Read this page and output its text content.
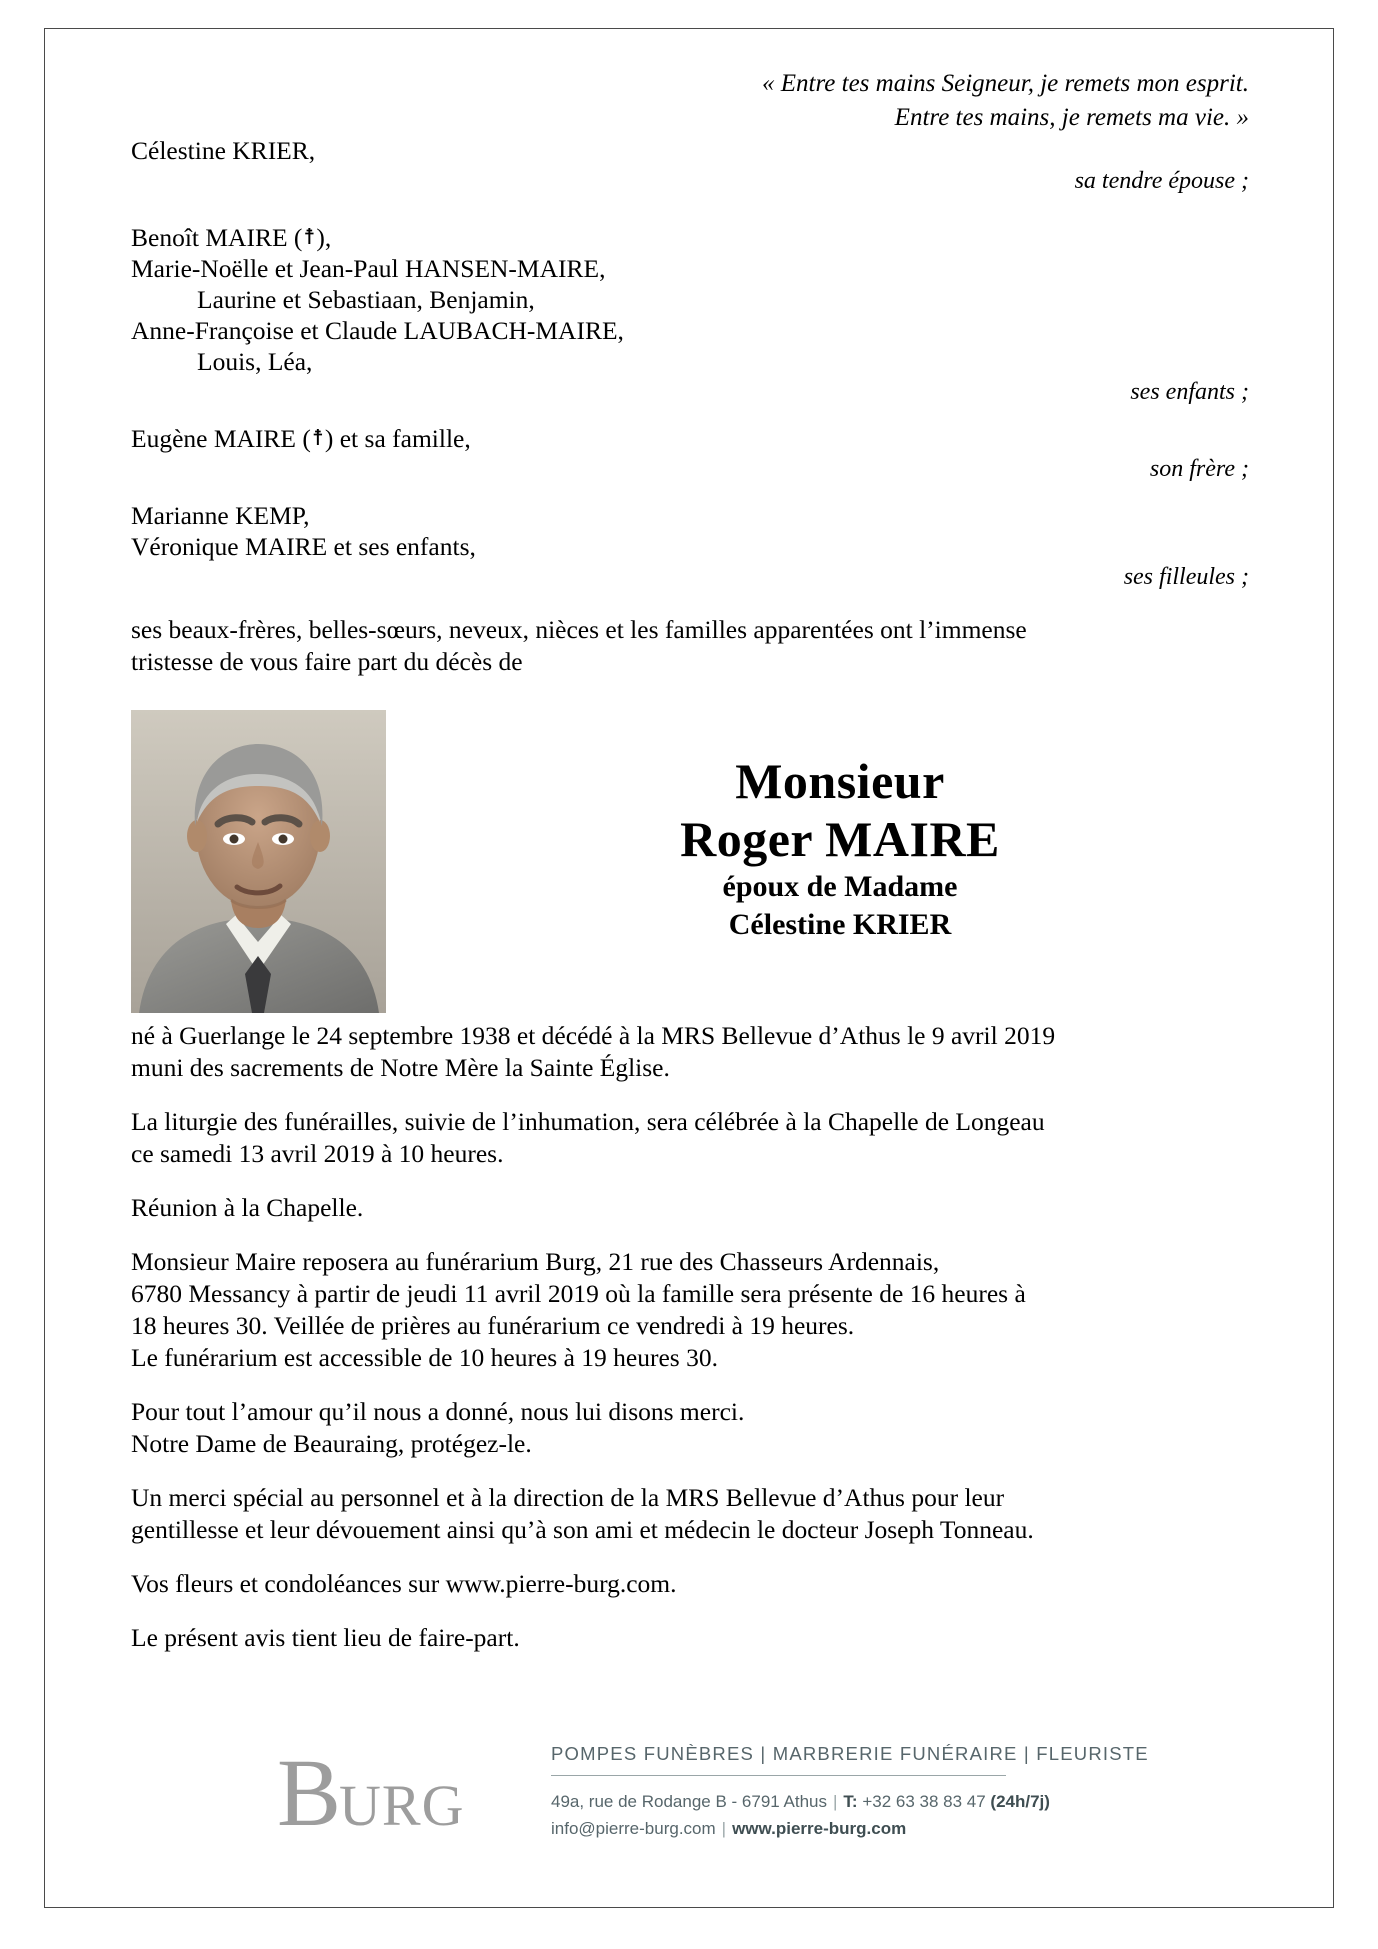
« Entre tes mains Seigneur, je remets mon esprit.
Entre tes mains, je remets ma vie. »
Célestine KRIER,
sa tendre épouse ;
Benoît MAIRE (☨),
Marie-Noëlle et Jean-Paul HANSEN-MAIRE,
Laurine et Sebastiaan, Benjamin,
Anne-Françoise et Claude LAUBACH-MAIRE,
Louis, Léa,
ses enfants ;
Eugène MAIRE (☨) et sa famille,
son frère ;
Marianne KEMP,
Véronique MAIRE et ses enfants,
ses filleules ;
ses beaux-frères, belles-sœurs, neveux, nièces et les familles apparentées ont l’immense
tristesse de vous faire part du décès de
Monsieur
Roger MAIRE
époux de Madame
Célestine KRIER

né à Guerlange le 24 septembre 1938 et décédé à la MRS Bellevue d’Athus le 9 avril 2019
muni des sacrements de Notre Mère la Sainte Église.

La liturgie des funérailles, suivie de l’inhumation, sera célébrée à la Chapelle de Longeau
ce samedi 13 avril 2019 à 10 heures.

Réunion à la Chapelle.

Monsieur Maire reposera au funérarium Burg, 21 rue des Chasseurs Ardennais,
6780 Messancy à partir de jeudi 11 avril 2019 où la famille sera présente de 16 heures à
18 heures 30. Veillée de prières au funérarium ce vendredi à 19 heures.
Le funérarium est accessible de 10 heures à 19 heures 30.

Pour tout l’amour qu’il nous a donné, nous lui disons merci.
Notre Dame de Beauraing, protégez-le.

Un merci spécial au personnel et à la direction de la MRS Bellevue d’Athus pour leur
gentillesse et leur dévouement ainsi qu’à son ami et médecin le docteur Joseph Tonneau.

Vos fleurs et condoléances sur www.pierre-burg.com.

Le présent avis tient lieu de faire-part.

BURG
POMPES FUNÈBRES | MARBRERIE FUNÉRAIRE | FLEURISTE
49a, rue de Rodange B - 6791 Athus | T: +32 63 38 83 47 (24h/7j)
info@pierre-burg.com | www.pierre-burg.com
